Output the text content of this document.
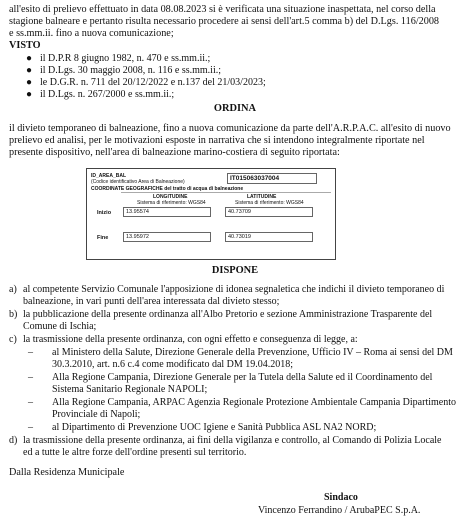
all'esito di prelievo effettuato in data 08.08.2023 si è verificata una situazione inaspettata, nel corso della
stagione balneare e pertanto risulta necessario procedere ai sensi dell'art.5 comma b) del D.Lgs. 116/2008
e ss.mm.ii. fino a nuova comunicazione;
VISTO
● il D.P.R 8 giugno 1982, n. 470 e ss.mm.ii.;
● il D.Lgs. 30 maggio 2008, n. 116 e ss.mm.ii.;
● le D.G.R. n. 711 del 20/12/2022 e n.137 del 21/03/2023;
● il D.Lgs. n. 267/2000 e ss.mm.ii.;
ORDINA
il divieto temporaneo di balneazione, fino a nuova comunicazione da parte dell'A.R.P.A.C. all'esito di nuovo
prelievo ed analisi, per le motivazioni esposte in narrativa che si intendono integralmente riportate nel
presente dispositivo, nell'area di balneazione marino-costiera di seguito riportata:
ID_AREA_BAL
(Codice identificativo Area di Balneazione)	IT015063037004
COORDINATE GEOGRAFICHE del tratto di acqua di balneazione
LONGITUDINE	LATITUDINE
Sistema di riferimento: WGS84	Sistema di riferimento: WGS84
Inizio	13.95574	40.73709
Fine	13.95972	40.73019
DISPONE
a) al competente Servizio Comunale l'apposizione di idonea segnaletica che indichi il divieto temporaneo di
balneazione, in vari punti dell'area interessata dal divieto stesso;
b) la pubblicazione della presente ordinanza all'Albo Pretorio e sezione Amministrazione Trasparente del
Comune di Ischia;
c) la trasmissione della presente ordinanza, con ogni effetto e conseguenza di legge, a:
– al Ministero della Salute, Direzione Generale della Prevenzione, Ufficio IV – Roma ai sensi del DM
30.3.2010, art. n.6 c.4 come modificato dal DM 19.04.2018;
– Alla Regione Campania, Direzione Generale per la Tutela della Salute ed il Coordinamento del
Sistema Sanitario Regionale NAPOLI;
– Alla Regione Campania, ARPAC Agenzia Regionale Protezione Ambientale Campania Dipartimento
Provinciale di Napoli;
– al Dipartimento di Prevenzione UOC Igiene e Sanità Pubblica ASL NA2 NORD;
d) la trasmissione della presente ordinanza, ai fini della vigilanza e controllo, al Comando di Polizia Locale
ed a tutte le altre forze dell'ordine presenti sul territorio.
Dalla Residenza Municipale
Sindaco
Vincenzo Ferrandino / ArubaPEC S.p.A.
